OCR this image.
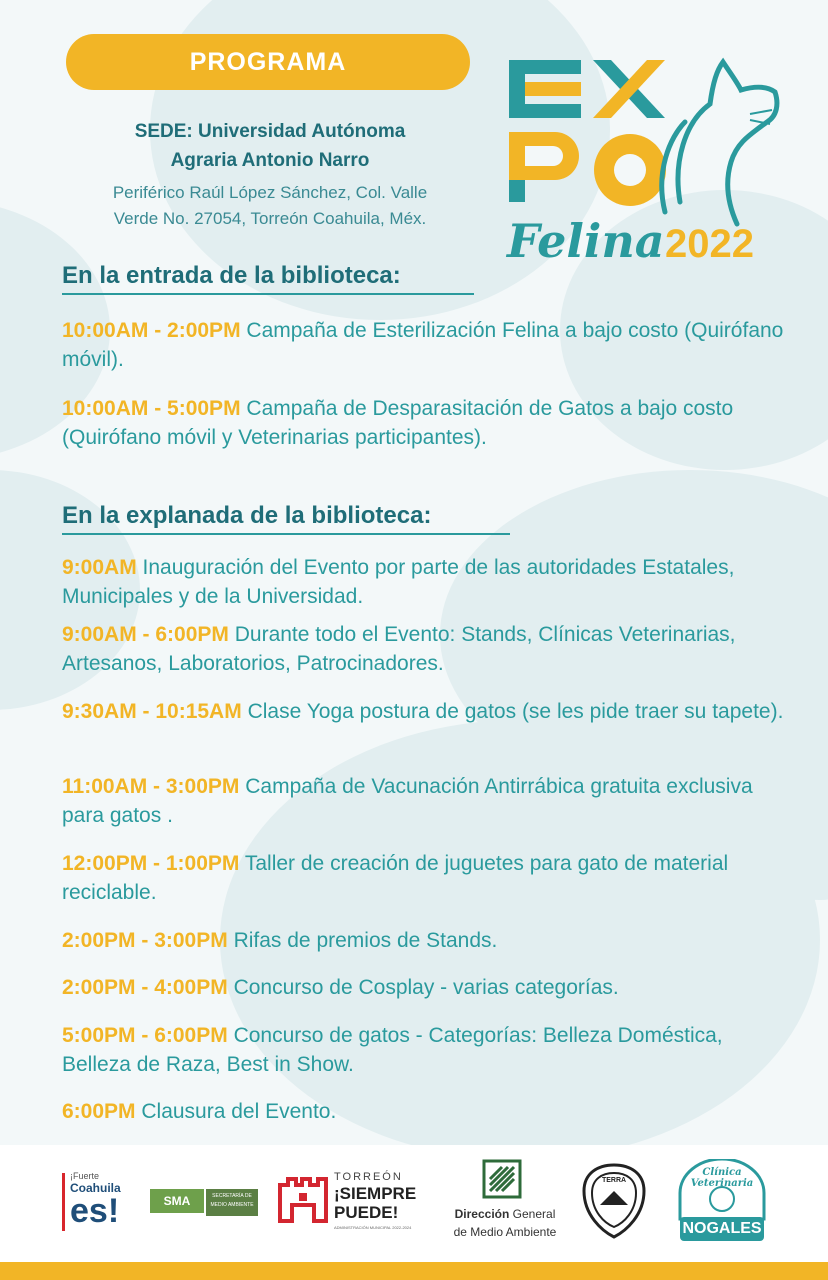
PROGRAMA
SEDE: Universidad Autónoma
Agraria Antonio Narro
Periférico Raúl López Sánchez, Col. Valle
Verde No. 27054, Torreón Coahuila, Méx.	Felina 2022
En la entrada de la biblioteca:
10:00AM - 2:00PM Campaña de Esterilización Felina a bajo costo (Quirófano móvil).
10:00AM - 5:00PM Campaña de Desparasitación de Gatos a bajo costo (Quirófano móvil y Veterinarias participantes).
En la explanada de la biblioteca:
9:00AM Inauguración del Evento por parte de las autoridades Estatales, Municipales y de la Universidad.
9:00AM - 6:00PM Durante todo el Evento: Stands, Clínicas Veterinarias, Artesanos, Laboratorios, Patrocinadores.
9:30AM - 10:15AM Clase Yoga postura de gatos (se les pide traer su tapete).
11:00AM - 3:00PM Campaña de Vacunación Antirrábica gratuita exclusiva para gatos .
12:00PM - 1:00PM Taller de creación de juguetes para gato de material reciclable.
2:00PM - 3:00PM Rifas de premios de Stands.
2:00PM - 4:00PM Concurso de Cosplay - varias categorías.
5:00PM - 6:00PM Concurso de gatos - Categorías: Belleza Doméstica, Belleza de Raza, Best in Show.
6:00PM Clausura del Evento.
¡Fuerte
Coahuila
es!	SMA	SECRETARÍA DE
MEDIO AMBIENTE
TORREÓN
¡SIEMPRE
PUEDE!
ADMINISTRACIÓN MUNICIPAL 2022-2024
Dirección General
de Medio Ambiente
TERRA
Clínica Veterinaria
NOGALES
